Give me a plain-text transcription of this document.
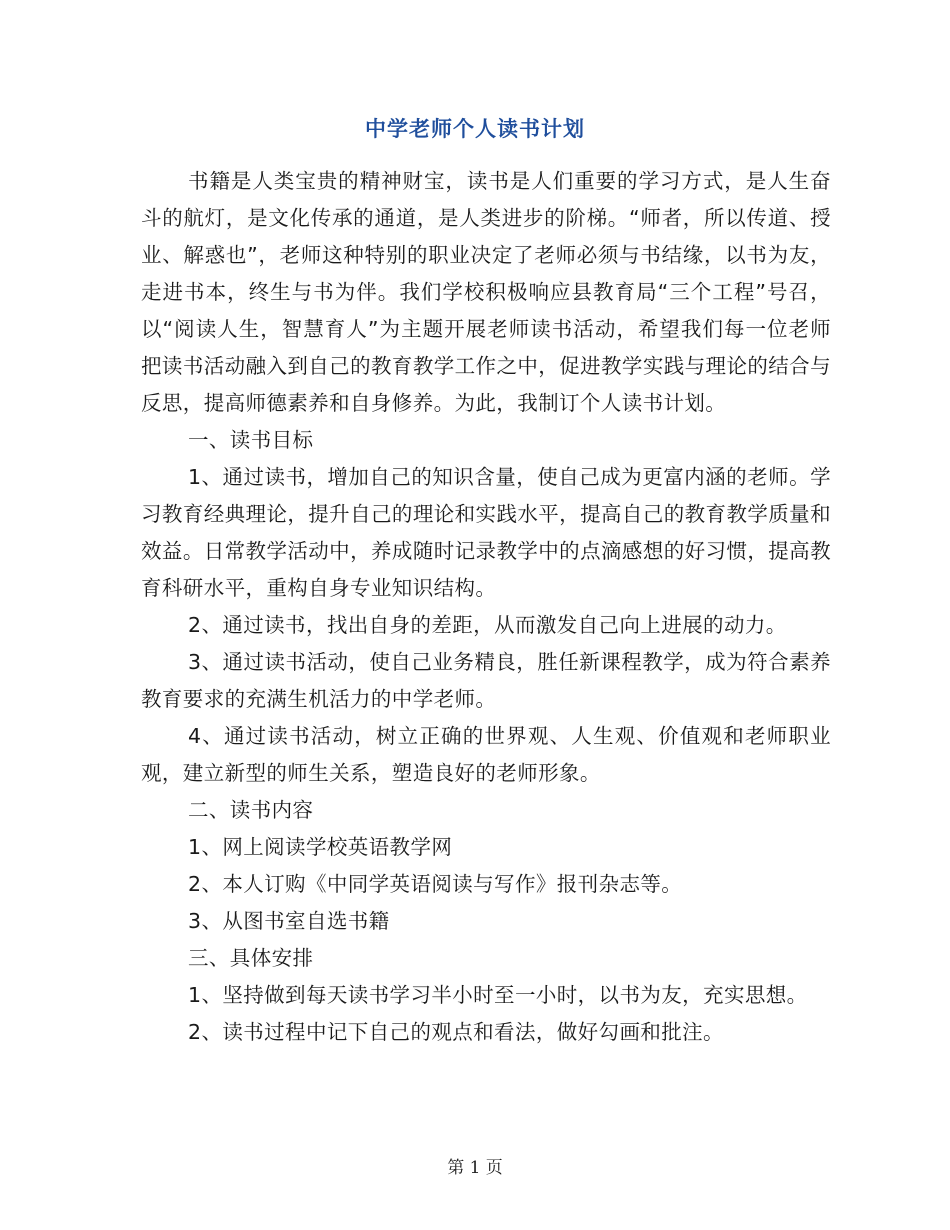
中学老师个人读书计划

书籍是人类宝贵的精神财宝，读书是人们重要的学习方式，是人生奋斗的航灯，是文化传承的通道，是人类进步的阶梯。“师者，所以传道、授业、解惑也”，老师这种特别的职业决定了老师必须与书结缘，以书为友，走进书本，终生与书为伴。我们学校积极响应县教育局“三个工程”号召，以“阅读人生，智慧育人”为主题开展老师读书活动，希望我们每一位老师把读书活动融入到自己的教育教学工作之中，促进教学实践与理论的结合与反思，提高师德素养和自身修养。为此，我制订个人读书计划。

一、读书目标

1、通过读书，增加自己的知识含量，使自己成为更富内涵的老师。学习教育经典理论，提升自己的理论和实践水平，提高自己的教育教学质量和效益。日常教学活动中，养成随时记录教学中的点滴感想的好习惯，提高教育科研水平，重构自身专业知识结构。

2、通过读书，找出自身的差距，从而激发自己向上进展的动力。

3、通过读书活动，使自己业务精良，胜任新课程教学，成为符合素养教育要求的充满生机活力的中学老师。

4、通过读书活动，树立正确的世界观、人生观、价值观和老师职业观，建立新型的师生关系，塑造良好的老师形象。

二、读书内容

1、网上阅读学校英语教学网

2、本人订购《中同学英语阅读与写作》报刊杂志等。

3、从图书室自选书籍

三、具体安排

1、坚持做到每天读书学习半小时至一小时，以书为友，充实思想。

2、读书过程中记下自己的观点和看法，做好勾画和批注。

第 1 页
